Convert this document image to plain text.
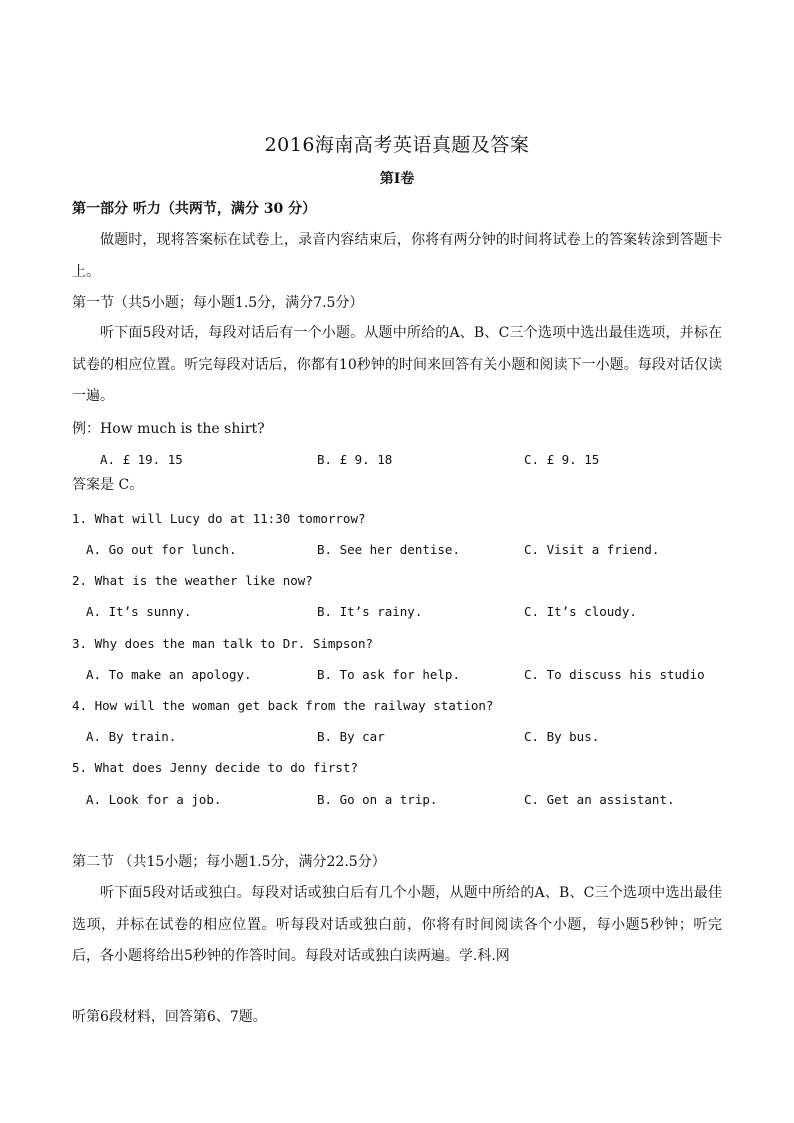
2016海南高考英语真题及答案
第I卷
第一部分 听力（共两节，满分 30 分）
做题时，现将答案标在试卷上，录音内容结束后，你将有两分钟的时间将试卷上的答案转涂到答题卡上。
第一节（共5小题；每小题1.5分，满分7.5分）
听下面5段对话，每段对话后有一个小题。从题中所给的A、B、C三个选项中选出最佳选项，并标在试卷的相应位置。听完每段对话后，你都有10秒钟的时间来回答有关小题和阅读下一小题。每段对话仅读一遍。
例：How much is the shirt?
A. £ 19. 15	B. £ 9. 18	C. £ 9. 15
答案是 C。
1. What will Lucy do at 11:30 tomorrow?
A. Go out for lunch.	B. See her dentise.	C. Visit a friend.
2. What is the weather like now?
A. It’s sunny.	B. It’s rainy.	C. It’s cloudy.
3. Why does the man talk to Dr. Simpson?
A. To make an apology.	B. To ask for help.	C. To discuss his studio
4. How will the woman get back from the railway station?
A. By train.	B. By car	C. By bus.
5. What does Jenny decide to do first?
A. Look for a job.	B. Go on a trip.	C. Get an assistant.
第二节 （共15小题；每小题1.5分，满分22.5分）
听下面5段对话或独白。每段对话或独白后有几个小题，从题中所给的A、B、C三个选项中选出最佳选项，并标在试卷的相应位置。听每段对话或独白前，你将有时间阅读各个小题，每小题5秒钟；听完后，各小题将给出5秒钟的作答时间。每段对话或独白读两遍。学.科.网
听第6段材料，回答第6、7题。
